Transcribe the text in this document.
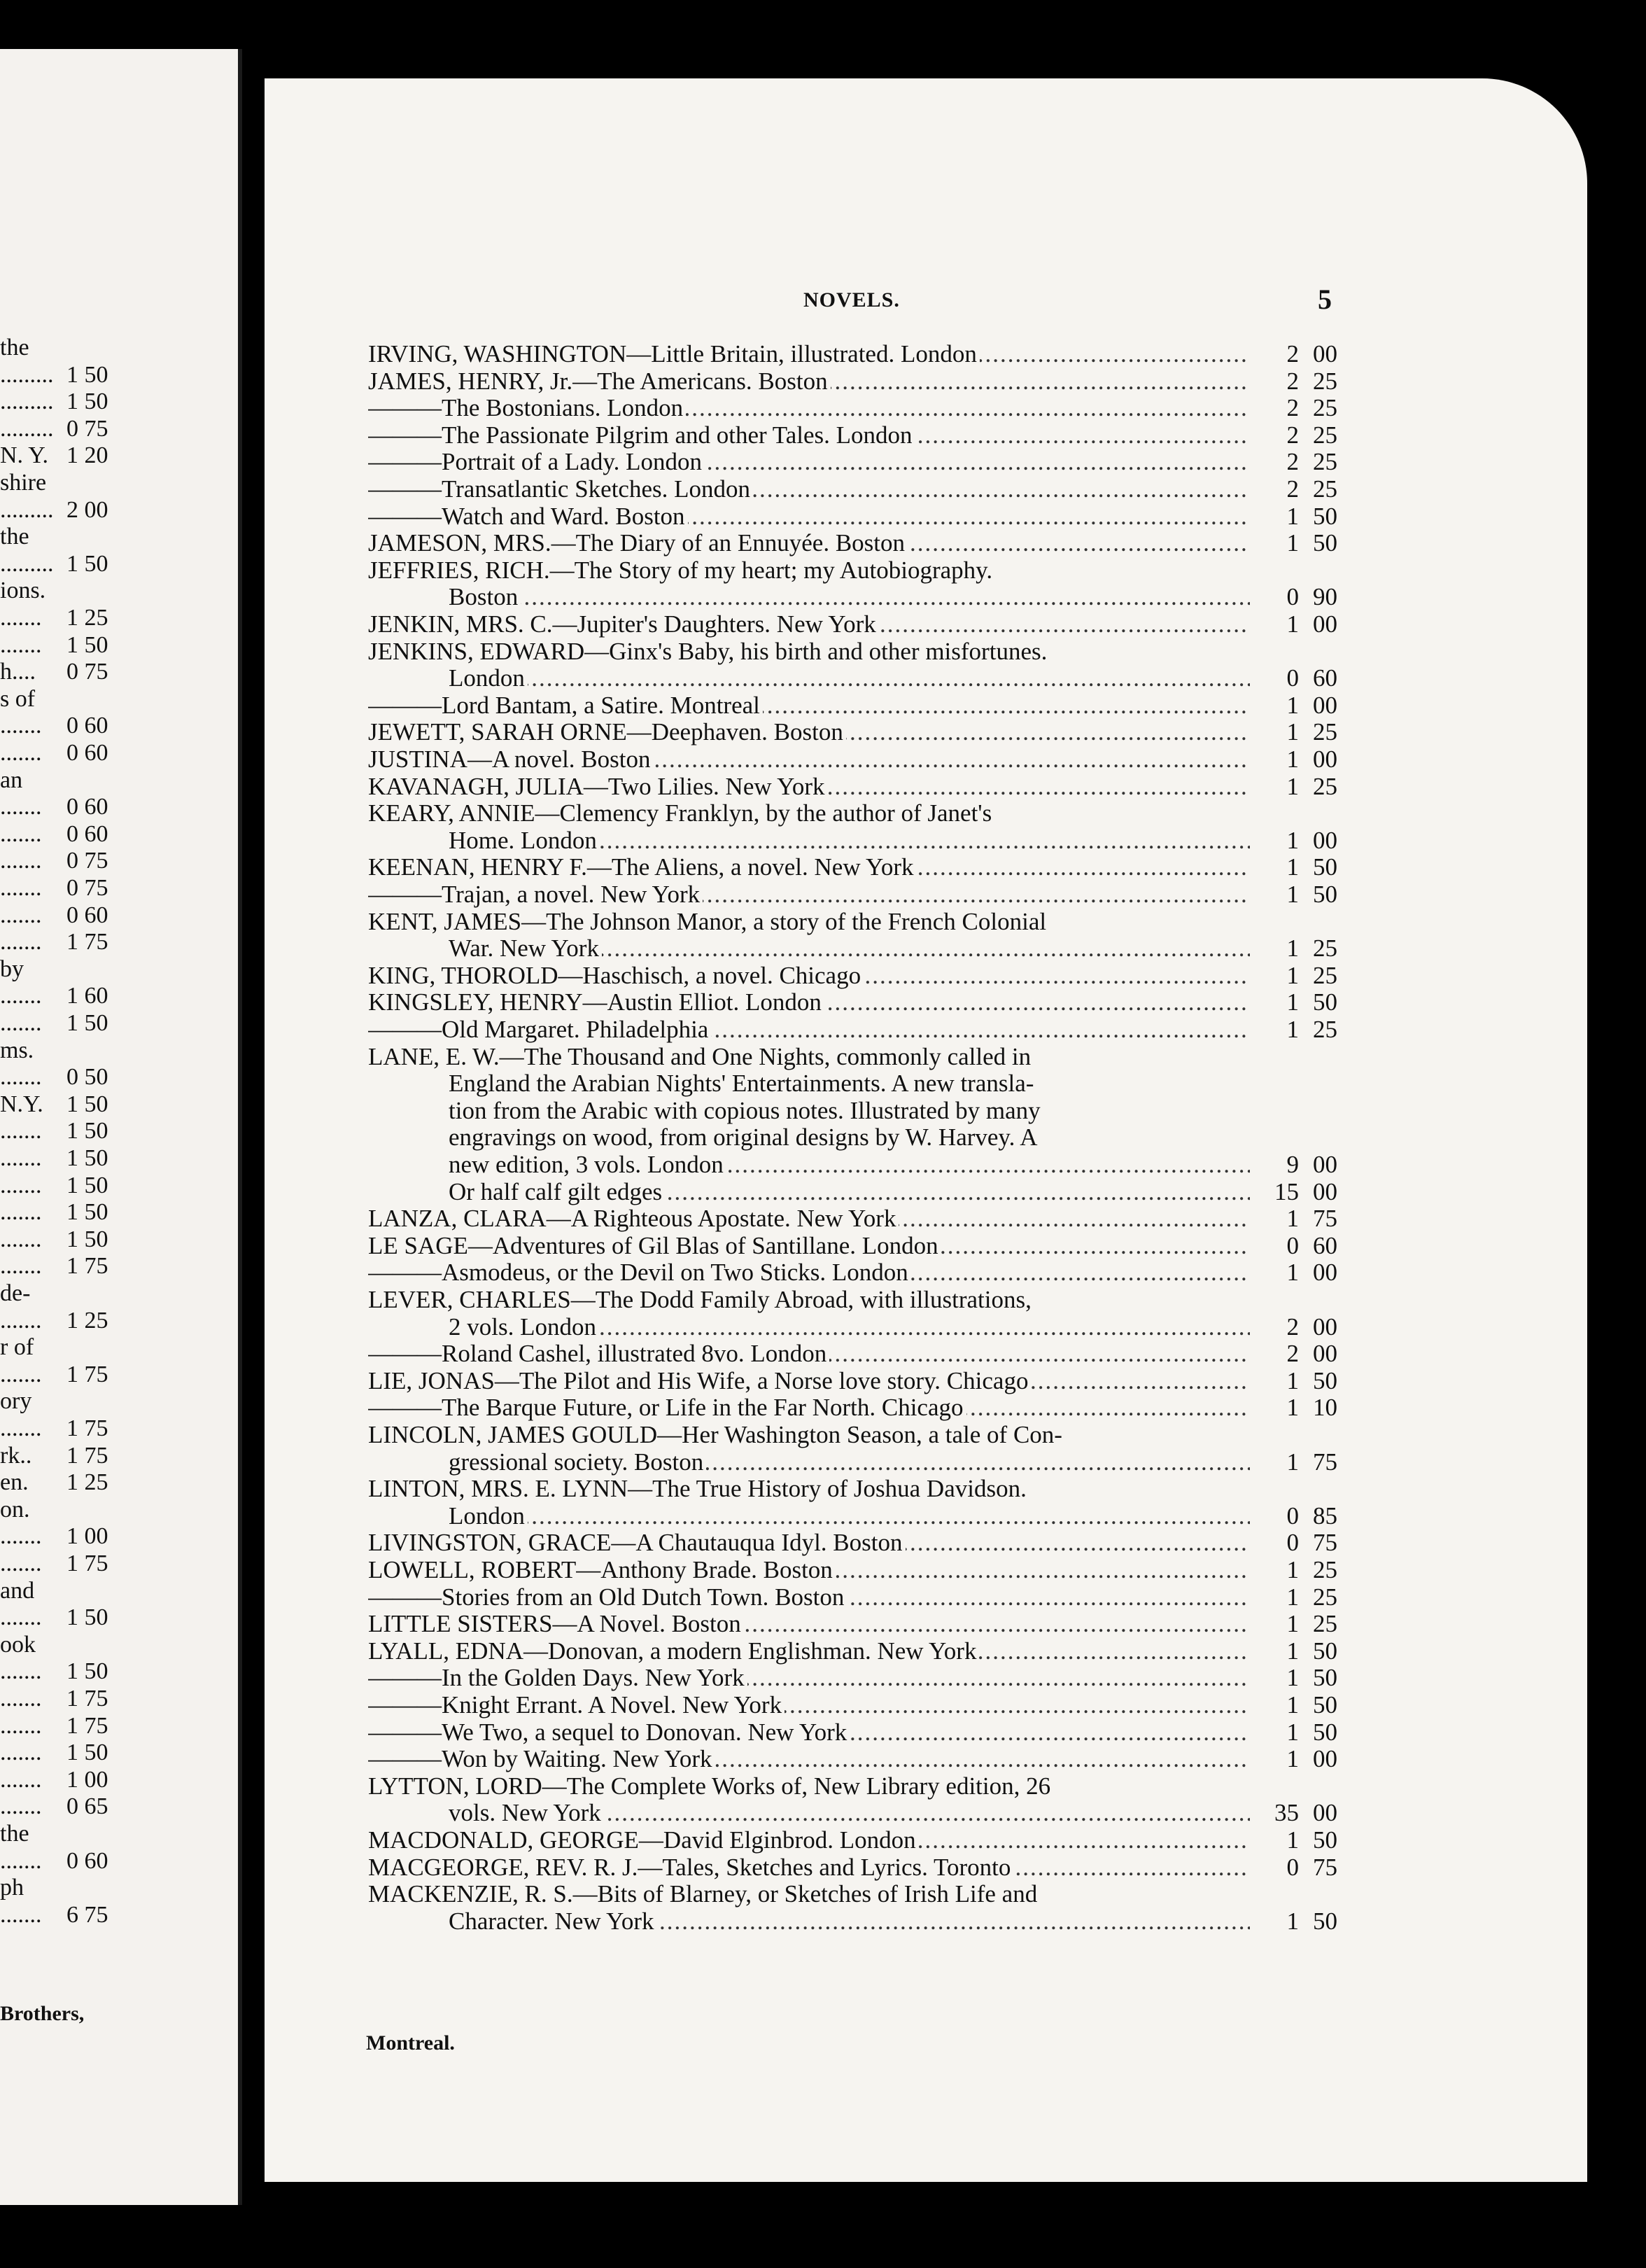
the
......... 1 50
......... 1 50
......... 0 75
N. Y. 1 20
shire
......... 2 00
the
......... 1 50
ions.
....... 1 25
....... 1 50
h.... 0 75
s of
....... 0 60
....... 0 60
an
....... 0 60
....... 0 60
....... 0 75
....... 0 75
....... 0 60
....... 1 75
by
....... 1 60
....... 1 50
ms.
....... 0 50
N.Y. 1 50
....... 1 50
....... 1 50
....... 1 50
....... 1 50
....... 1 50
....... 1 75
de-
....... 1 25
r of
....... 1 75
ory
....... 1 75
rk.. 1 75
en. 1 25
on.
....... 1 00
....... 1 75
and
....... 1 50
ook
....... 1 50
....... 1 75
....... 1 75
....... 1 50
....... 1 00
....... 0 65
the
....... 0 60
ph
....... 6 75
Brothers,
NOVELS.	5
IRVING, WASHINGTON—Little Britain, illustrated. London .....	2 00
JAMES, HENRY, Jr.—The Americans. Boston .....	2 25
———The Bostonians. London .....	2 25
———The Passionate Pilgrim and other Tales. London .....	2 25
———Portrait of a Lady. London .....	2 25
———Transatlantic Sketches. London .....	2 25
———Watch and Ward. Boston .....	1 50
JAMESON, MRS.—The Diary of an Ennuyée. Boston .....	1 50
JEFFRIES, RICH.—The Story of my heart; my Autobiography.
Boston .....	0 90
JENKIN, MRS. C.—Jupiter's Daughters. New York .....	1 00
JENKINS, EDWARD—Ginx's Baby, his birth and other misfortunes.
London .....	0 60
———Lord Bantam, a Satire. Montreal .....	1 00
JEWETT, SARAH ORNE—Deephaven. Boston .....	1 25
JUSTINA—A novel. Boston .....	1 00
KAVANAGH, JULIA—Two Lilies. New York .....	1 25
KEARY, ANNIE—Clemency Franklyn, by the author of Janet's
Home. London .....	1 00
KEENAN, HENRY F.—The Aliens, a novel. New York .....	1 50
———Trajan, a novel. New York .....	1 50
KENT, JAMES—The Johnson Manor, a story of the French Colonial
War. New York .....	1 25
KING, THOROLD—Haschisch, a novel. Chicago .....	1 25
KINGSLEY, HENRY—Austin Elliot. London .....	1 50
———Old Margaret. Philadelphia .....	1 25
LANE, E. W.—The Thousand and One Nights, commonly called in
England the Arabian Nights' Entertainments. A new transla-
tion from the Arabic with copious notes. Illustrated by many
engravings on wood, from original designs by W. Harvey. A
new edition, 3 vols. London .....	9 00
Or half calf gilt edges .....	15 00
LANZA, CLARA—A Righteous Apostate. New York .....	1 75
LE SAGE—Adventures of Gil Blas of Santillane. London .....	0 60
———Asmodeus, or the Devil on Two Sticks. London .....	1 00
LEVER, CHARLES—The Dodd Family Abroad, with illustrations,
2 vols. London .....	2 00
———Roland Cashel, illustrated 8vo. London .....	2 00
LIE, JONAS—The Pilot and His Wife, a Norse love story. Chicago .....	1 50
———The Barque Future, or Life in the Far North. Chicago .....	1 10
LINCOLN, JAMES GOULD—Her Washington Season, a tale of Con-
gressional society. Boston .....	1 75
LINTON, MRS. E. LYNN—The True History of Joshua Davidson.
London .....	0 85
LIVINGSTON, GRACE—A Chautauqua Idyl. Boston .....	0 75
LOWELL, ROBERT—Anthony Brade. Boston .....	1 25
———Stories from an Old Dutch Town. Boston .....	1 25
LITTLE SISTERS—A Novel. Boston .....	1 25
LYALL, EDNA—Donovan, a modern Englishman. New York .....	1 50
———In the Golden Days. New York .....	1 50
———Knight Errant. A Novel. New York .....	1 50
———We Two, a sequel to Donovan. New York .....	1 50
———Won by Waiting. New York .....	1 00
LYTTON, LORD—The Complete Works of, New Library edition, 26
vols. New York .....	35 00
MACDONALD, GEORGE—David Elginbrod. London .....	1 50
MACGEORGE, REV. R. J.—Tales, Sketches and Lyrics. Toronto .....	0 75
MACKENZIE, R. S.—Bits of Blarney, or Sketches of Irish Life and
Character. New York .....	1 50
Montreal.
